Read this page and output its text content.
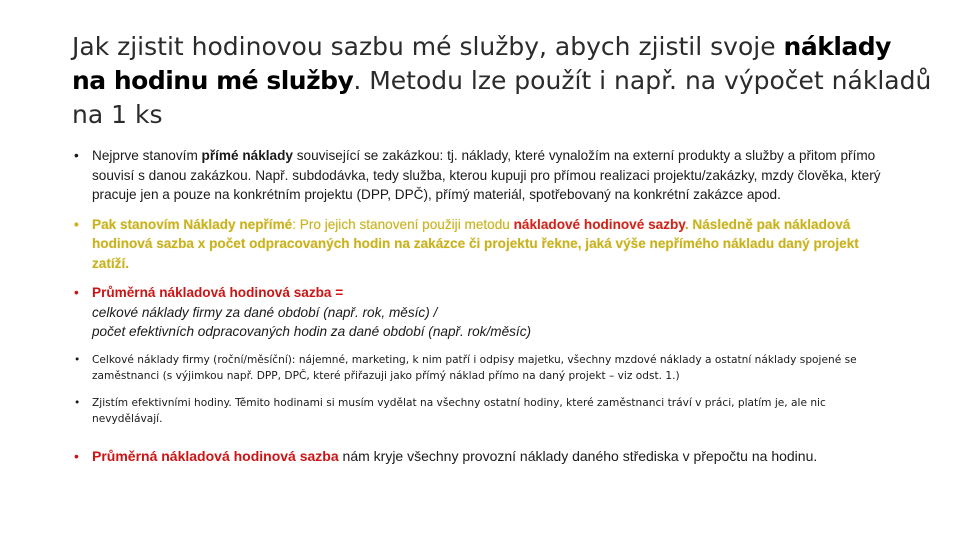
Jak zjistit hodinovou sazbu mé služby, abych zjistil svoje náklady na hodinu mé služby. Metodu lze použít i např. na výpočet nákladů na 1 ks
• Nejprve stanovím přímé náklady související se zakázkou: tj. náklady, které vynaložím na externí produkty a služby a přitom přímo souvisí s danou zakázkou. Např. subdodávka, tedy služba, kterou kupuji pro přímou realizaci projektu/zakázky, mzdy člověka, který pracuje jen a pouze na konkrétním projektu (DPP, DPČ), přímý materiál, spotřebovaný na konkrétní zakázce apod.
• Pak stanovím Náklady nepřímé: Pro jejich stanovení použiji metodu nákladové hodinové sazby. Následně pak nákladová hodinová sazba x počet odpracovaných hodin na zakázce či projektu řekne, jaká výše nepřímého nákladu daný projekt zatíží.
• Průměrná nákladová hodinová sazba =
celkové náklady firmy za dané období (např. rok, měsíc) /
počet efektivních odpracovaných hodin za dané období (např. rok/měsíc)
• Celkové náklady firmy (roční/měsíční): nájemné, marketing, k nim patří i odpisy majetku, všechny mzdové náklady a ostatní náklady spojené se zaměstnanci (s výjimkou např. DPP, DPČ, které přiřazuji jako přímý náklad přímo na daný projekt – viz odst. 1.)
• Zjistím efektivními hodiny. Těmito hodinami si musím vydělat na všechny ostatní hodiny, které zaměstnanci tráví v práci, platím je, ale nic nevydělávají.
• Průměrná nákladová hodinová sazba nám kryje všechny provozní náklady daného střediska v přepočtu na hodinu.
